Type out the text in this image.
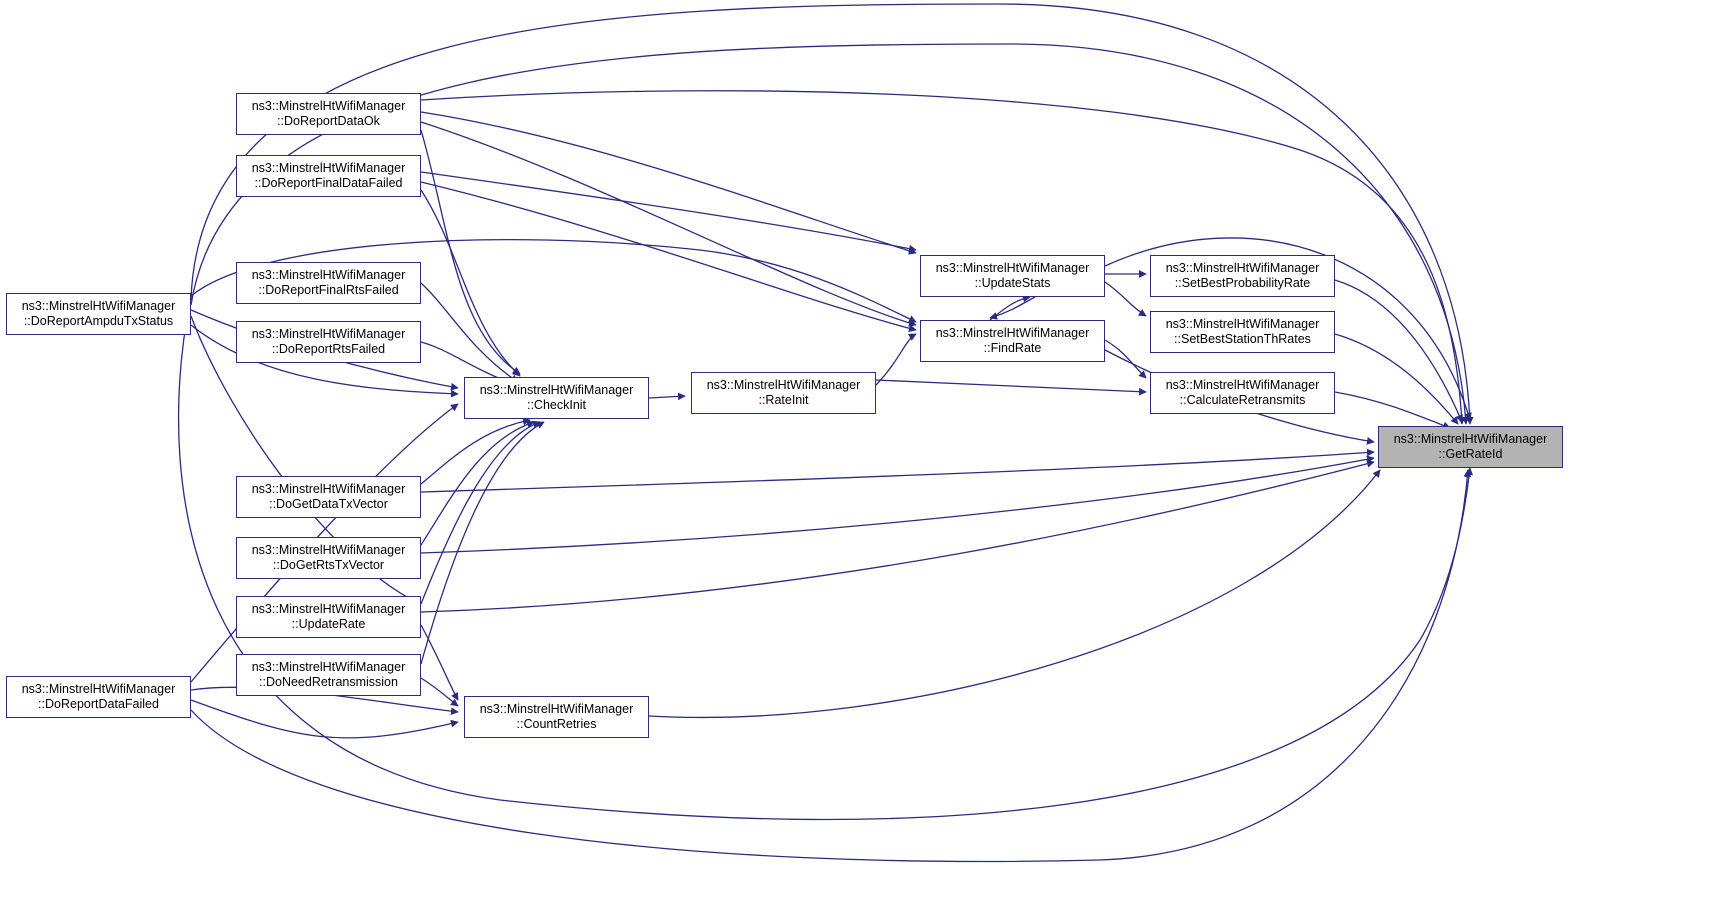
ns3::MinstrelHtWifiManager
::DoReportAmpduTxStatus
ns3::MinstrelHtWifiManager
::DoReportDataOk
ns3::MinstrelHtWifiManager
::DoReportFinalDataFailed
ns3::MinstrelHtWifiManager
::DoReportFinalRtsFailed
ns3::MinstrelHtWifiManager
::DoReportRtsFailed
ns3::MinstrelHtWifiManager
::DoGetDataTxVector
ns3::MinstrelHtWifiManager
::DoGetRtsTxVector
ns3::MinstrelHtWifiManager
::UpdateRate
ns3::MinstrelHtWifiManager
::DoNeedRetransmission
ns3::MinstrelHtWifiManager
::DoReportDataFailed
ns3::MinstrelHtWifiManager
::CheckInit
ns3::MinstrelHtWifiManager
::CountRetries
ns3::MinstrelHtWifiManager
::RateInit
ns3::MinstrelHtWifiManager
::UpdateStats
ns3::MinstrelHtWifiManager
::FindRate
ns3::MinstrelHtWifiManager
::SetBestProbabilityRate
ns3::MinstrelHtWifiManager
::SetBestStationThRates
ns3::MinstrelHtWifiManager
::CalculateRetransmits
ns3::MinstrelHtWifiManager
::GetRateId
